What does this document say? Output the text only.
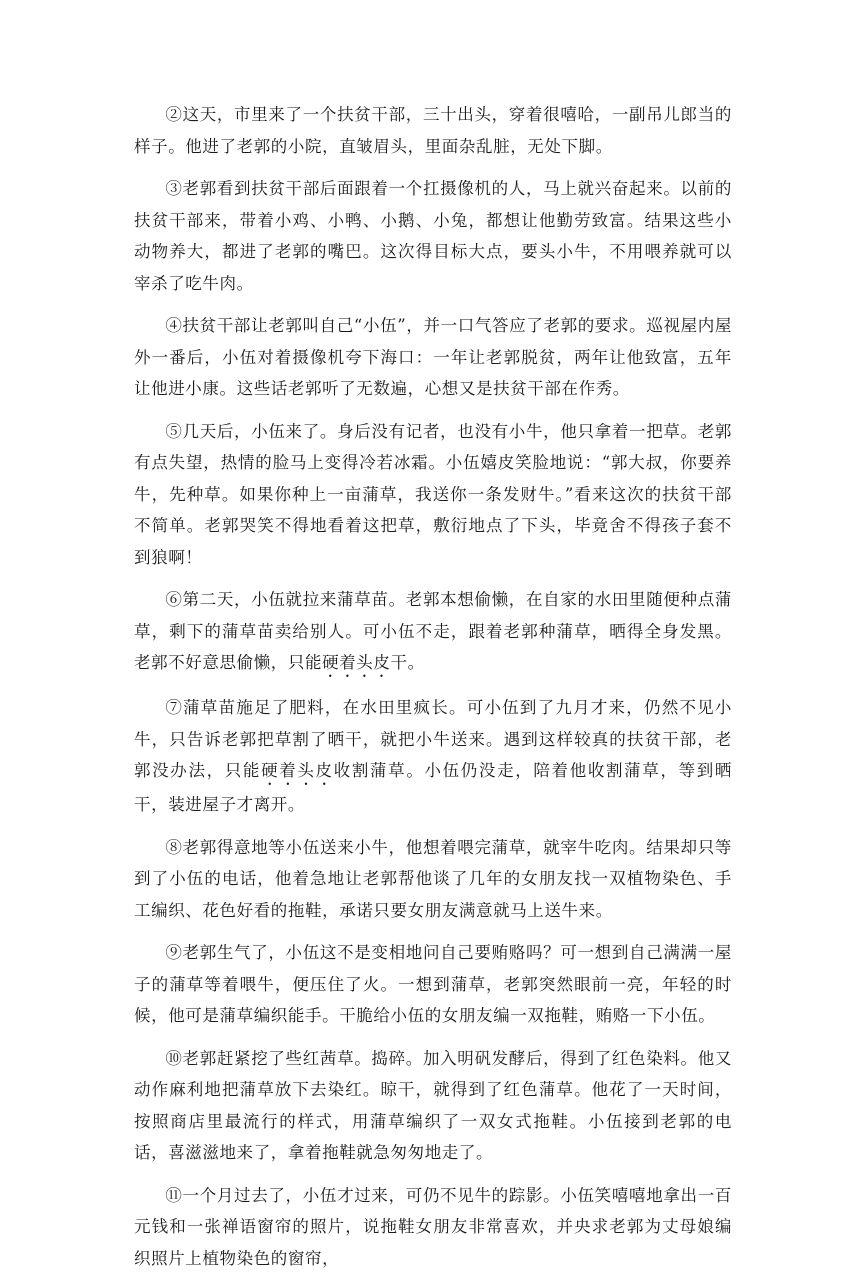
②这天，市里来了一个扶贫干部，三十出头，穿着很嘻哈，一副吊儿郎当的样子。他进了老郭的小院，直皱眉头，里面杂乱脏，无处下脚。

③老郭看到扶贫干部后面跟着一个扛摄像机的人，马上就兴奋起来。以前的扶贫干部来，带着小鸡、小鸭、小鹅、小兔，都想让他勤劳致富。结果这些小动物养大，都进了老郭的嘴巴。这次得目标大点，要头小牛，不用喂养就可以宰杀了吃牛肉。

④扶贫干部让老郭叫自己“小伍”，并一口气答应了老郭的要求。巡视屋内屋外一番后，小伍对着摄像机夸下海口：一年让老郭脱贫，两年让他致富，五年让他进小康。这些话老郭听了无数遍，心想又是扶贫干部在作秀。

⑤几天后，小伍来了。身后没有记者，也没有小牛，他只拿着一把草。老郭有点失望，热情的脸马上变得冷若冰霜。小伍嬉皮笑脸地说：“郭大叔，你要养牛，先种草。如果你种上一亩蒲草，我送你一条发财牛。”看来这次的扶贫干部不简单。老郭哭笑不得地看着这把草，敷衍地点了下头，毕竟舍不得孩子套不到狼啊！

⑥第二天，小伍就拉来蒲草苗。老郭本想偷懒，在自家的水田里随便种点蒲草，剩下的蒲草苗卖给别人。可小伍不走，跟着老郭种蒲草，晒得全身发黑。老郭不好意思偷懒，只能硬着头皮干。

⑦蒲草苗施足了肥料，在水田里疯长。可小伍到了九月才来，仍然不见小牛，只告诉老郭把草割了晒干，就把小牛送来。遇到这样较真的扶贫干部，老郭没办法，只能硬着头皮收割蒲草。小伍仍没走，陪着他收割蒲草，等到晒干，装进屋子才离开。

⑧老郭得意地等小伍送来小牛，他想着喂完蒲草，就宰牛吃肉。结果却只等到了小伍的电话，他着急地让老郭帮他谈了几年的女朋友找一双植物染色、手工编织、花色好看的拖鞋，承诺只要女朋友满意就马上送牛来。

⑨老郭生气了，小伍这不是变相地问自己要贿赂吗？可一想到自己满满一屋子的蒲草等着喂牛，便压住了火。一想到蒲草，老郭突然眼前一亮，年轻的时候，他可是蒲草编织能手。干脆给小伍的女朋友编一双拖鞋，贿赂一下小伍。

⑩老郭赶紧挖了些红茜草。捣碎。加入明矾发酵后，得到了红色染料。他又动作麻利地把蒲草放下去染红。晾干，就得到了红色蒲草。他花了一天时间，按照商店里最流行的样式，用蒲草编织了一双女式拖鞋。小伍接到老郭的电话，喜滋滋地来了，拿着拖鞋就急匆匆地走了。

⑪一个月过去了，小伍才过来，可仍不见牛的踪影。小伍笑嘻嘻地拿出一百元钱和一张禅语窗帘的照片，说拖鞋女朋友非常喜欢，并央求老郭为丈母娘编织照片上植物染色的窗帘，
